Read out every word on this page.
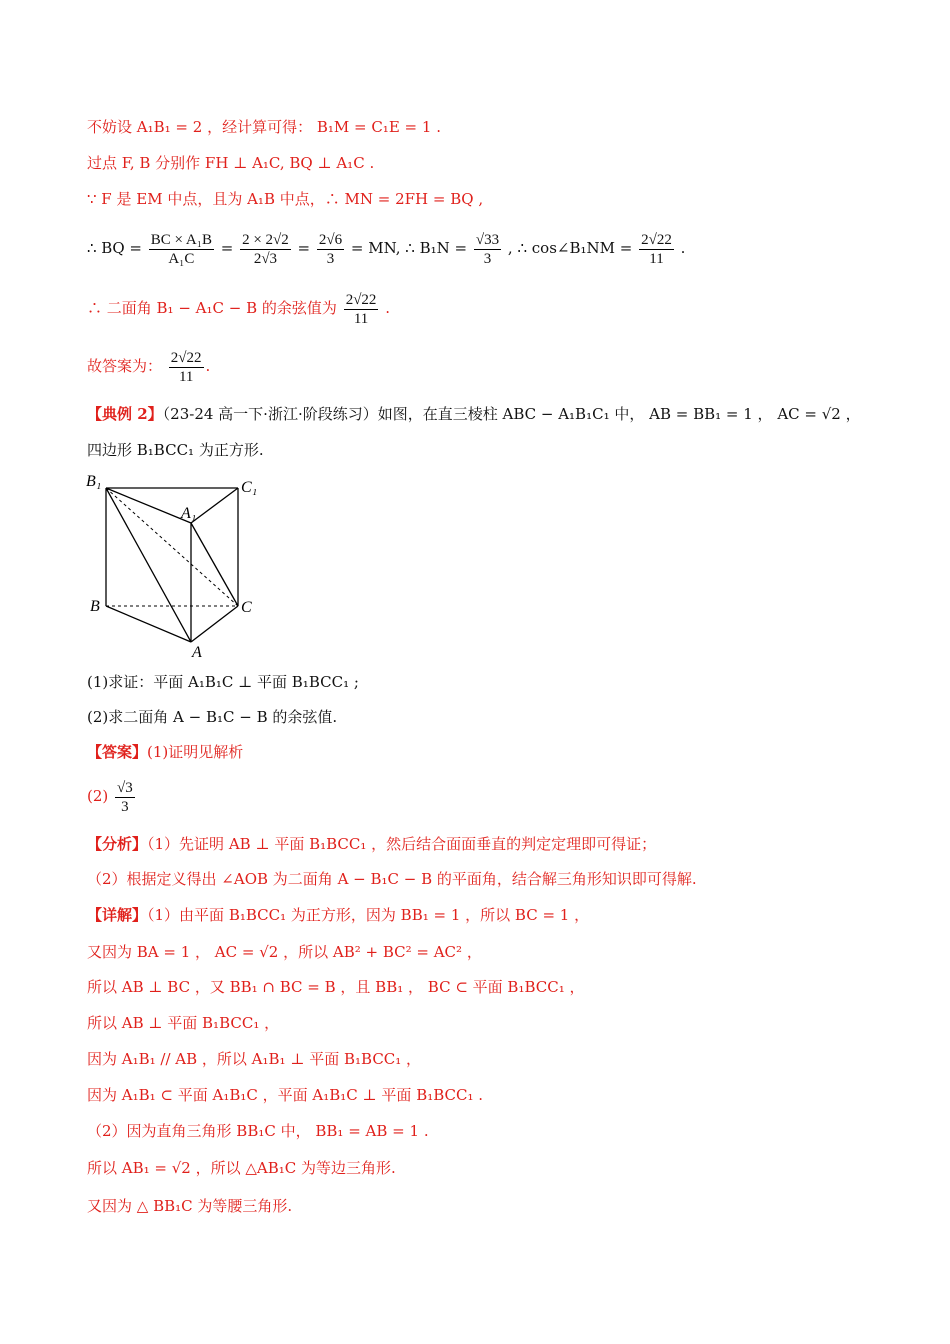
不妨设 A₁B₁ = 2 ，经计算可得： B₁M = C₁E = 1 .
过点 F, B 分别作 FH ⊥ A₁C, BQ ⊥ A₁C .
∵ F 是 EM 中点，且为 A₁B 中点，∴ MN = 2FH = BQ ,
∴ BQ = $\frac{\text{BC × A₁B}}{\text{A₁C}} = \frac{2 \times 2√2}{2√3} = \frac{2√6}{3}$ = MN, ∴ $B_1N = \frac{√33}{3}$ , ∴ cos∠B₁NM = $\frac{2√22}{11}$ .
∴ 二面角 B₁ − A₁C − B 的余弦值为 $\frac{2√22}{11}$ .
故答案为： $\frac{2√22}{11}$ .
【典例 2】（23-24 高一下·浙江·阶段练习）如图，在直三棱柱 ABC − A₁B₁C₁ 中， AB = BB₁ = 1 ， AC = √2 ，
四边形 B₁BCC₁ 为正方形.
B₁	C₁
A₁
B	C
A
(1)求证：平面 A₁B₁C ⊥ 平面 B₁BCC₁ ;
(2)求二面角 A − B₁C − B 的余弦值.
【答案】(1)证明见解析
$(2) \frac{√3}{3}$
【分析】（1）先证明 AB ⊥ 平面 B₁BCC₁ ，然后结合面面垂直的判定定理即可得证；
（2）根据定义得出 ∠AOB 为二面角 A − B₁C − B 的平面角，结合解三角形知识即可得解.
【详解】（1）由平面 B₁BCC₁ 为正方形，因为 BB₁ = 1 ，所以 BC = 1 ，
又因为 BA = 1 ， AC = √2 ，所以 AB² + BC² = AC² ，
所以 AB ⊥ BC ，又 BB₁ ∩ BC = B ，且 BB₁ ， BC ⊂ 平面 B₁BCC₁ ，
所以 AB ⊥ 平面 B₁BCC₁ ，
因为 A₁B₁ // AB ，所以 A₁B₁ ⊥ 平面 B₁BCC₁ ，
因为 A₁B₁ ⊂ 平面 A₁B₁C ，平面 A₁B₁C ⊥ 平面 B₁BCC₁ .
（2）因为直角三角形 BB₁C 中， BB₁ = AB = 1 .
所以 AB₁ = √2 ，所以 △AB₁C 为等边三角形.
又因为 △ BB₁C 为等腰三角形.
